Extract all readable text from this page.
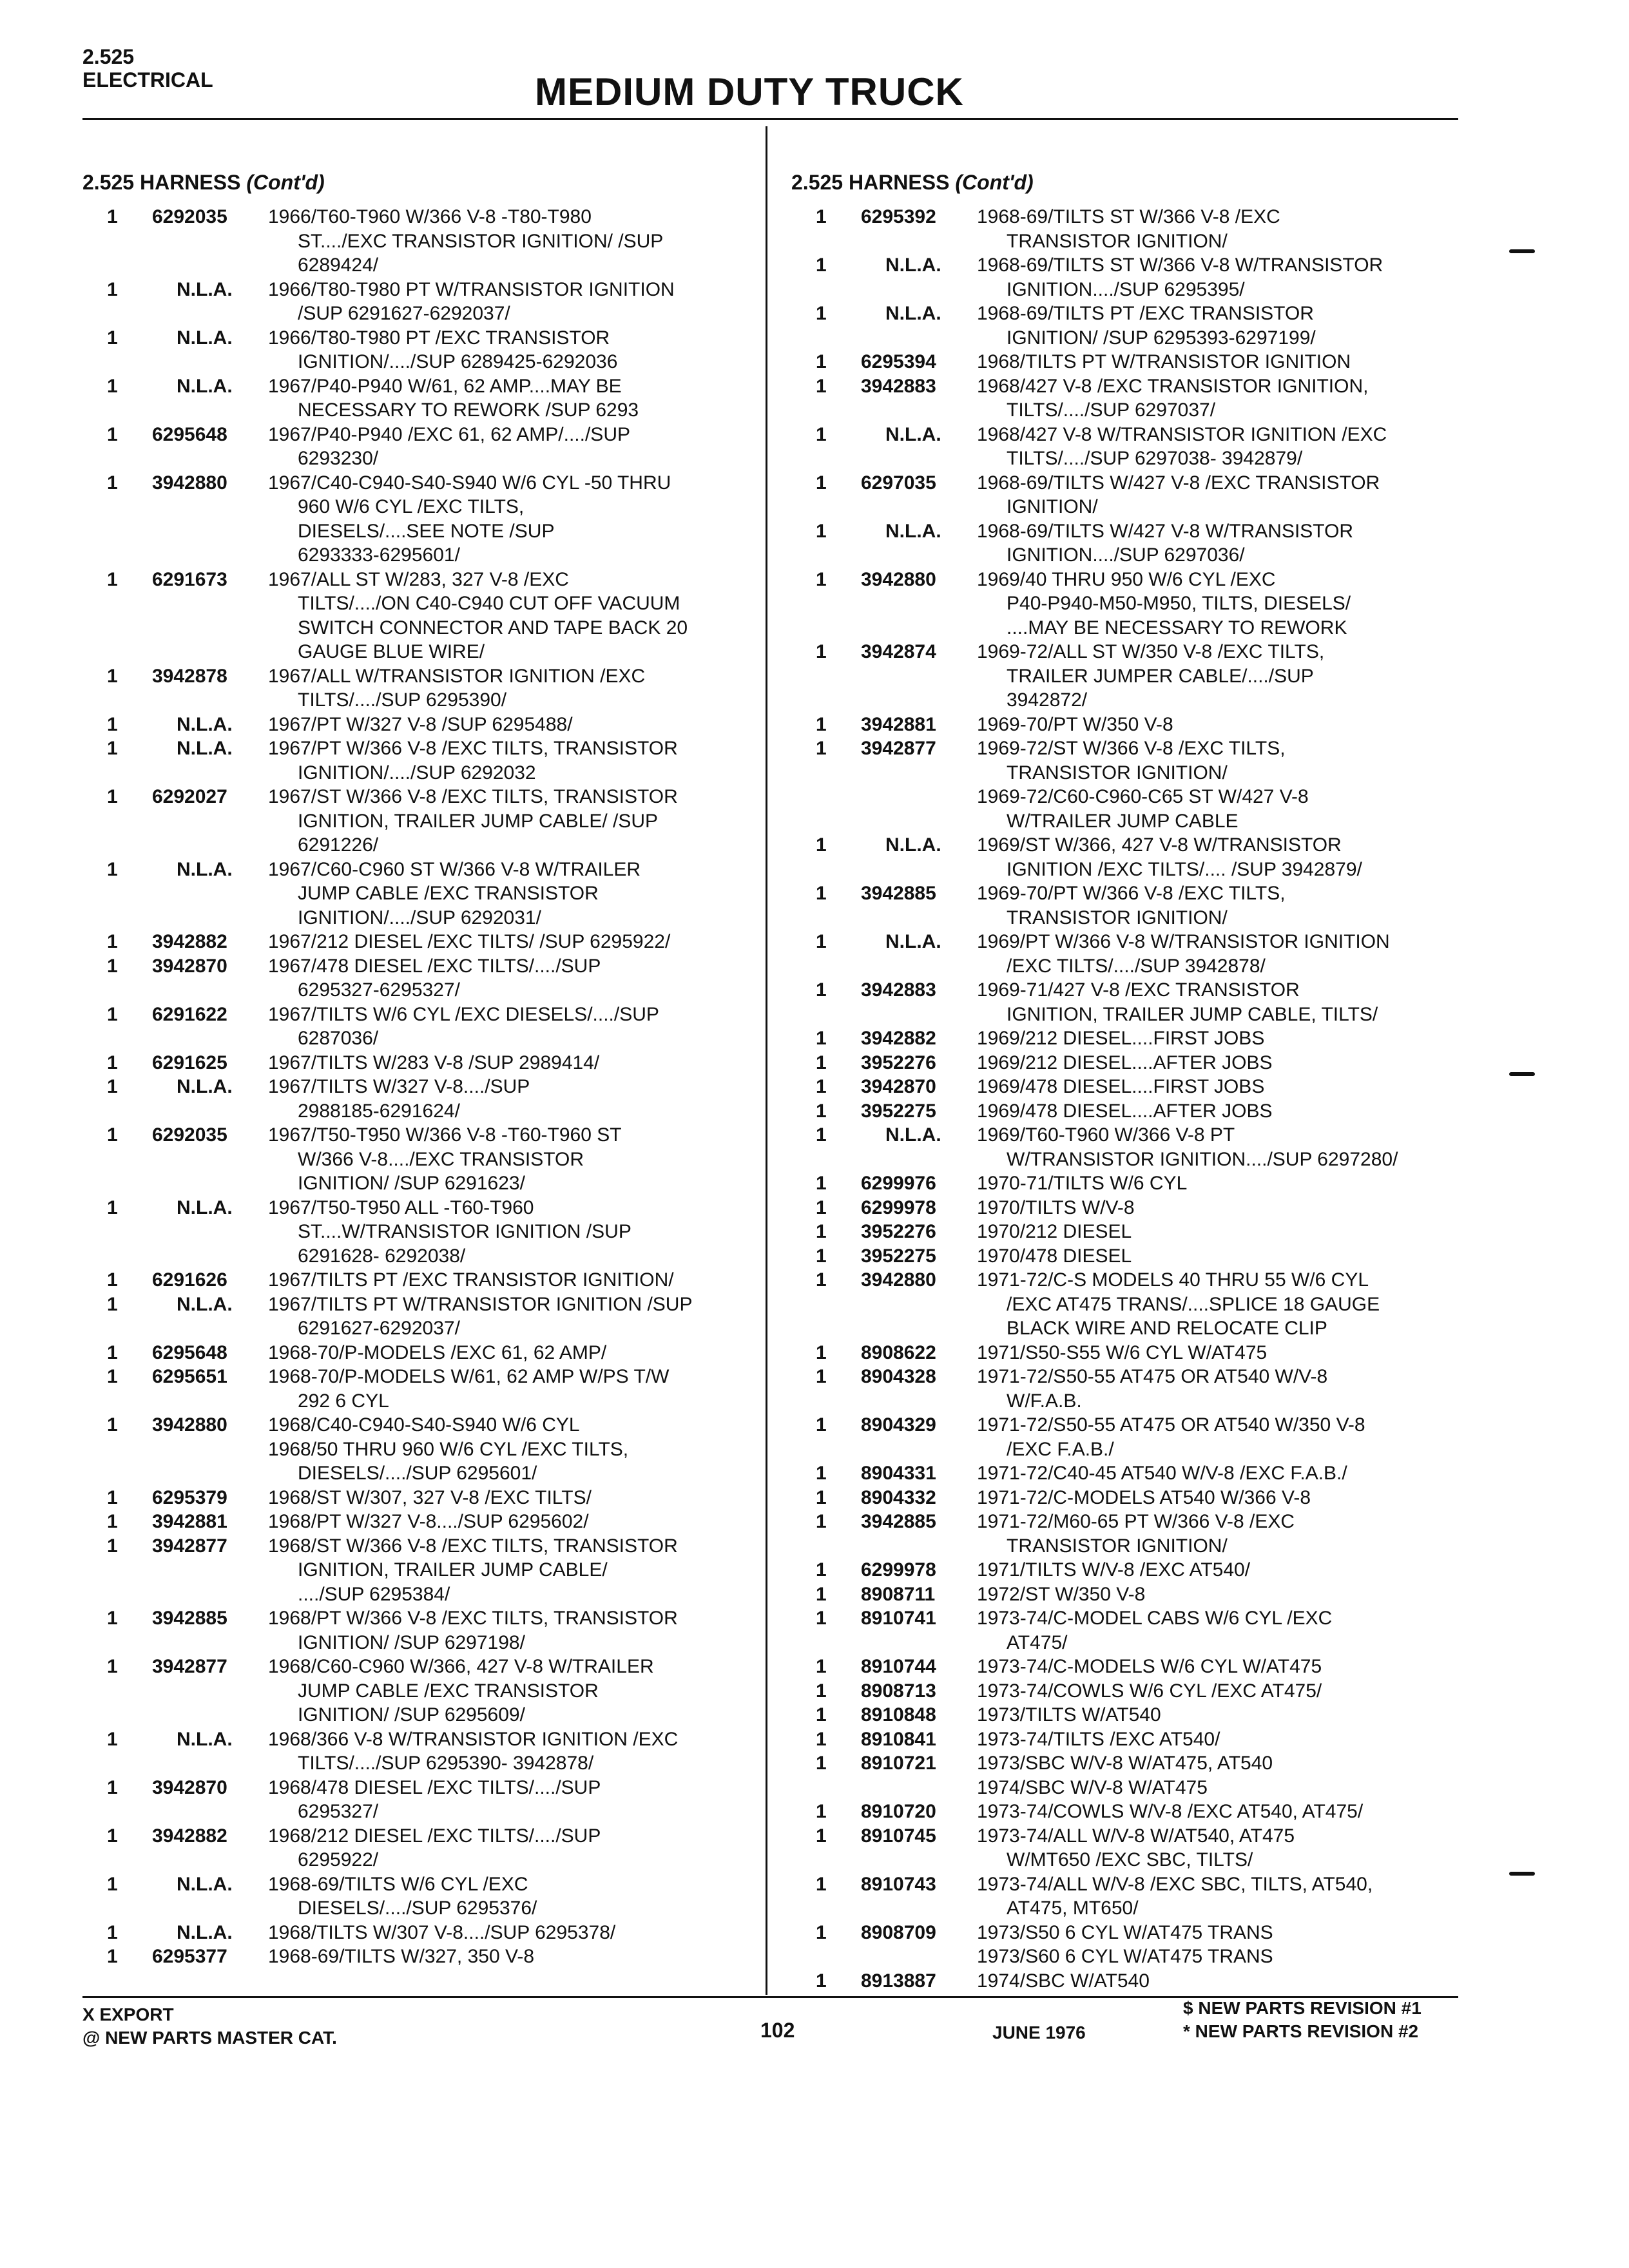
2.525
ELECTRICAL	MEDIUM DUTY TRUCK
2.525 HARNESS (Cont'd)
1	6292035	1966/T60-T960 W/366 V-8 -T80-T980
ST..../EXC TRANSISTOR IGNITION/ /SUP
6289424/
1	N.L.A.	1966/T80-T980 PT W/TRANSISTOR IGNITION
/SUP 6291627-6292037/
1	N.L.A.	1966/T80-T980 PT /EXC TRANSISTOR
IGNITION/..../SUP 6289425-6292036
1	N.L.A.	1967/P40-P940 W/61, 62 AMP....MAY BE
NECESSARY TO REWORK /SUP 6293
1	6295648	1967/P40-P940 /EXC 61, 62 AMP/..../SUP
6293230/
1	3942880	1967/C40-C940-S40-S940 W/6 CYL -50 THRU
960 W/6 CYL /EXC TILTS,
DIESELS/....SEE NOTE /SUP
6293333-6295601/
1	6291673	1967/ALL ST W/283, 327 V-8 /EXC
TILTS/..../ON C40-C940 CUT OFF VACUUM
SWITCH CONNECTOR AND TAPE BACK 20
GAUGE BLUE WIRE/
1	3942878	1967/ALL W/TRANSISTOR IGNITION /EXC
TILTS/..../SUP 6295390/
1	N.L.A.	1967/PT W/327 V-8 /SUP 6295488/
1	N.L.A.	1967/PT W/366 V-8 /EXC TILTS, TRANSISTOR
IGNITION/..../SUP 6292032
1	6292027	1967/ST W/366 V-8 /EXC TILTS, TRANSISTOR
IGNITION, TRAILER JUMP CABLE/ /SUP
6291226/
1	N.L.A.	1967/C60-C960 ST W/366 V-8 W/TRAILER
JUMP CABLE /EXC TRANSISTOR
IGNITION/..../SUP 6292031/
1	3942882	1967/212 DIESEL /EXC TILTS/ /SUP 6295922/
1	3942870	1967/478 DIESEL /EXC TILTS/..../SUP
6295327-6295327/
1	6291622	1967/TILTS W/6 CYL /EXC DIESELS/..../SUP
6287036/
1	6291625	1967/TILTS W/283 V-8 /SUP 2989414/
1	N.L.A.	1967/TILTS W/327 V-8..../SUP
2988185-6291624/
1	6292035	1967/T50-T950 W/366 V-8 -T60-T960 ST
W/366 V-8..../EXC TRANSISTOR
IGNITION/ /SUP 6291623/
1	N.L.A.	1967/T50-T950 ALL -T60-T960
ST....W/TRANSISTOR IGNITION /SUP
6291628- 6292038/
1	6291626	1967/TILTS PT /EXC TRANSISTOR IGNITION/
1	N.L.A.	1967/TILTS PT W/TRANSISTOR IGNITION /SUP
6291627-6292037/
1	6295648	1968-70/P-MODELS /EXC 61, 62 AMP/
1	6295651	1968-70/P-MODELS W/61, 62 AMP W/PS T/W
292 6 CYL
1	3942880	1968/C40-C940-S40-S940 W/6 CYL
1968/50 THRU 960 W/6 CYL /EXC TILTS,
DIESELS/..../SUP 6295601/
1	6295379	1968/ST W/307, 327 V-8 /EXC TILTS/
1	3942881	1968/PT W/327 V-8..../SUP 6295602/
1	3942877	1968/ST W/366 V-8 /EXC TILTS, TRANSISTOR
IGNITION, TRAILER JUMP CABLE/
..../SUP 6295384/
1	3942885	1968/PT W/366 V-8 /EXC TILTS, TRANSISTOR
IGNITION/ /SUP 6297198/
1	3942877	1968/C60-C960 W/366, 427 V-8 W/TRAILER
JUMP CABLE /EXC TRANSISTOR
IGNITION/ /SUP 6295609/
1	N.L.A.	1968/366 V-8 W/TRANSISTOR IGNITION /EXC
TILTS/..../SUP 6295390- 3942878/
1	3942870	1968/478 DIESEL /EXC TILTS/..../SUP
6295327/
1	3942882	1968/212 DIESEL /EXC TILTS/..../SUP
6295922/
1	N.L.A.	1968-69/TILTS W/6 CYL /EXC
DIESELS/..../SUP 6295376/
1	N.L.A.	1968/TILTS W/307 V-8..../SUP 6295378/
1	6295377	1968-69/TILTS W/327, 350 V-8
2.525 HARNESS (Cont'd)
1	6295392	1968-69/TILTS ST W/366 V-8 /EXC
TRANSISTOR IGNITION/
1	N.L.A.	1968-69/TILTS ST W/366 V-8 W/TRANSISTOR
IGNITION..../SUP 6295395/
1	N.L.A.	1968-69/TILTS PT /EXC TRANSISTOR
IGNITION/ /SUP 6295393-6297199/
1	6295394	1968/TILTS PT W/TRANSISTOR IGNITION
1	3942883	1968/427 V-8 /EXC TRANSISTOR IGNITION,
TILTS/..../SUP 6297037/
1	N.L.A.	1968/427 V-8 W/TRANSISTOR IGNITION /EXC
TILTS/..../SUP 6297038- 3942879/
1	6297035	1968-69/TILTS W/427 V-8 /EXC TRANSISTOR
IGNITION/
1	N.L.A.	1968-69/TILTS W/427 V-8 W/TRANSISTOR
IGNITION..../SUP 6297036/
1	3942880	1969/40 THRU 950 W/6 CYL /EXC
P40-P940-M50-M950, TILTS, DIESELS/
....MAY BE NECESSARY TO REWORK
1	3942874	1969-72/ALL ST W/350 V-8 /EXC TILTS,
TRAILER JUMPER CABLE/..../SUP
3942872/
1	3942881	1969-70/PT W/350 V-8
1	3942877	1969-72/ST W/366 V-8 /EXC TILTS,
TRANSISTOR IGNITION/
1969-72/C60-C960-C65 ST W/427 V-8
W/TRAILER JUMP CABLE
1	N.L.A.	1969/ST W/366, 427 V-8 W/TRANSISTOR
IGNITION /EXC TILTS/.... /SUP 3942879/
1	3942885	1969-70/PT W/366 V-8 /EXC TILTS,
TRANSISTOR IGNITION/
1	N.L.A.	1969/PT W/366 V-8 W/TRANSISTOR IGNITION
/EXC TILTS/..../SUP 3942878/
1	3942883	1969-71/427 V-8 /EXC TRANSISTOR
IGNITION, TRAILER JUMP CABLE, TILTS/
1	3942882	1969/212 DIESEL....FIRST JOBS
1	3952276	1969/212 DIESEL....AFTER JOBS
1	3942870	1969/478 DIESEL....FIRST JOBS
1	3952275	1969/478 DIESEL....AFTER JOBS
1	N.L.A.	1969/T60-T960 W/366 V-8 PT
W/TRANSISTOR IGNITION..../SUP 6297280/
1	6299976	1970-71/TILTS W/6 CYL
1	6299978	1970/TILTS W/V-8
1	3952276	1970/212 DIESEL
1	3952275	1970/478 DIESEL
1	3942880	1971-72/C-S MODELS 40 THRU 55 W/6 CYL
/EXC AT475 TRANS/....SPLICE 18 GAUGE
BLACK WIRE AND RELOCATE CLIP
1	8908622	1971/S50-S55 W/6 CYL W/AT475
1	8904328	1971-72/S50-55 AT475 OR AT540 W/V-8
W/F.A.B.
1	8904329	1971-72/S50-55 AT475 OR AT540 W/350 V-8
/EXC F.A.B./
1	8904331	1971-72/C40-45 AT540 W/V-8 /EXC F.A.B./
1	8904332	1971-72/C-MODELS AT540 W/366 V-8
1	3942885	1971-72/M60-65 PT W/366 V-8 /EXC
TRANSISTOR IGNITION/
1	6299978	1971/TILTS W/V-8 /EXC AT540/
1	8908711	1972/ST W/350 V-8
1	8910741	1973-74/C-MODEL CABS W/6 CYL /EXC
AT475/
1	8910744	1973-74/C-MODELS W/6 CYL W/AT475
1	8908713	1973-74/COWLS W/6 CYL /EXC AT475/
1	8910848	1973/TILTS W/AT540
1	8910841	1973-74/TILTS /EXC AT540/
1	8910721	1973/SBC W/V-8 W/AT475, AT540
1974/SBC W/V-8 W/AT475
1	8910720	1973-74/COWLS W/V-8 /EXC AT540, AT475/
1	8910745	1973-74/ALL W/V-8 W/AT540, AT475
W/MT650 /EXC SBC, TILTS/
1	8910743	1973-74/ALL W/V-8 /EXC SBC, TILTS, AT540,
AT475, MT650/
1	8908709	1973/S50 6 CYL W/AT475 TRANS
1973/S60 6 CYL W/AT475 TRANS
1	8913887	1974/SBC W/AT540
X EXPORT
@ NEW PARTS MASTER CAT.	102	JUNE 1976
$ NEW PARTS REVISION #1
* NEW PARTS REVISION #2
